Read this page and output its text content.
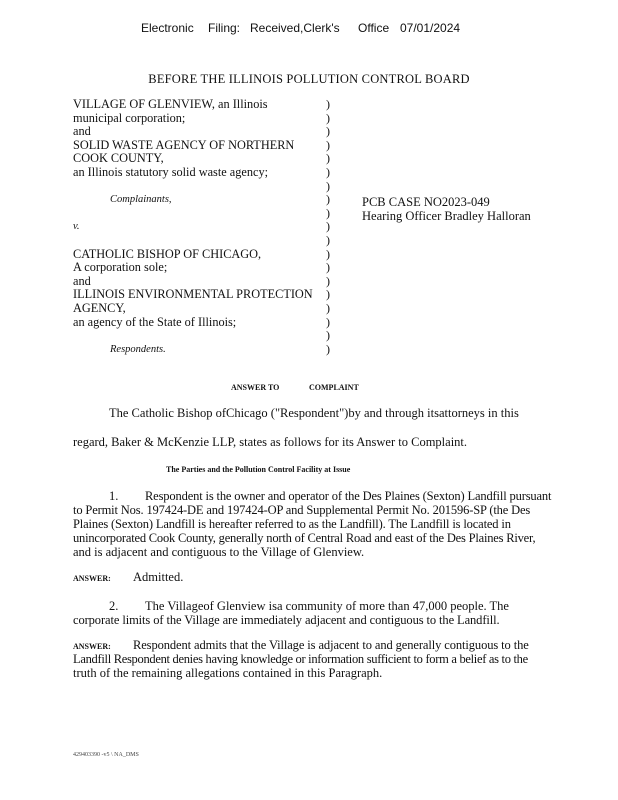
Electronic Filing: Received,Clerk's Office 07/01/2024
BEFORE THE ILLINOIS POLLUTION CONTROL BOARD
VILLAGE OF GLENVIEW, an Illinois
municipal corporation;
and
SOLID WASTE AGENCY OF NORTHERN
COOK COUNTY,
an Illinois statutory solid waste agency;
Complainants,
v.
CATHOLIC BISHOP OF CHICAGO,
A corporation sole;
and
ILLINOIS ENVIRONMENTAL PROTECTION
AGENCY,
an agency of the State of Illinois;
Respondents.
)
)
)
)
)
)
)
)
)
)
)
)
)
)
)
)
)
)
)
PCB CASE NO2023-049
Hearing Officer Bradley Halloran
ANSWER TO	COMPLAINT
The Catholic Bishop ofChicago ("Respondent")by and through itsattorneys in this
regard, Baker & McKenzie LLP, states as follows for its Answer to Complaint.
The Parties and the Pollution Control Facility at Issue
1. Respondent is the owner and operator of the Des Plaines (Sexton) Landfill pursuant
to Permit Nos. 197424-DE and 197424-OP and Supplemental Permit No. 201596-SP (the Des
Plaines (Sexton) Landfill is hereafter referred to as the Landfill). The Landfill is located in
unincorporated Cook County, generally north of Central Road and east of the Des Plaines River,
and is adjacent and contiguous to the Village of Glenview.
ANSWER: Admitted.
2. The Villageof Glenview isa community of more than 47,000 people. The
corporate limits of the Village are immediately adjacent and contiguous to the Landfill.
ANSWER: Respondent admits that the Village is adjacent to and generally contiguous to the
Landfill Respondent denies having knowledge or information sufficient to form a belief as to the
truth of the remaining allegations contained in this Paragraph.
429403390 -v5 \ NA_DMS
